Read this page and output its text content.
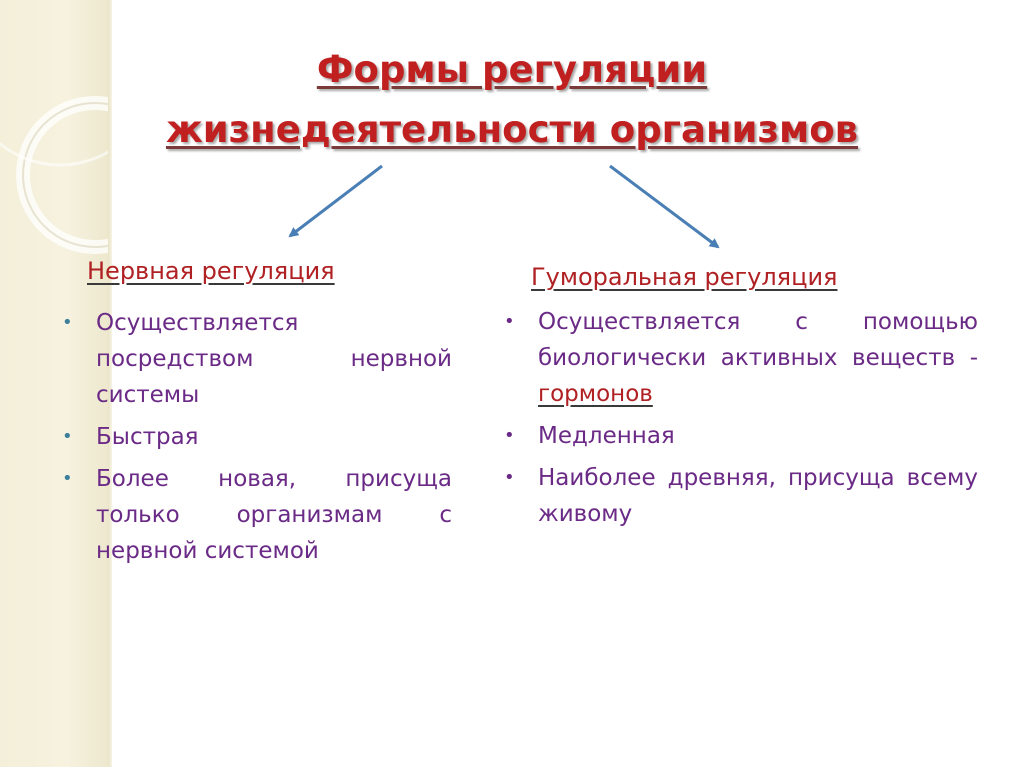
Формы регуляции
жизнедеятельности организмов
Нервная регуляция	Гуморальная регуляция
• Осуществляется посредством нервной системы
• Быстрая
• Более новая, присуща только организмам с нервной системой
• Осуществляется с помощью биологически активных веществ - гормонов
• Медленная
• Наиболее древняя, присуща всему живому
